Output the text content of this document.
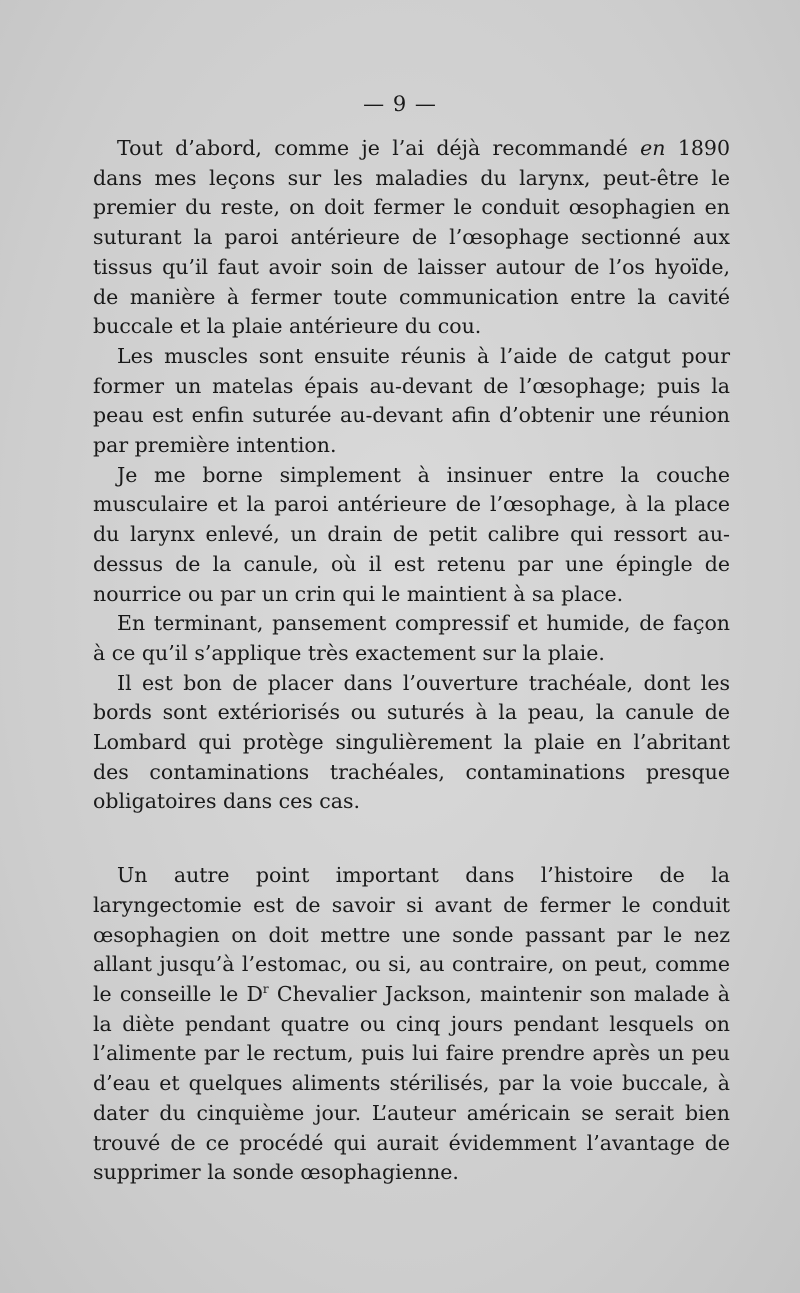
— 9 —

Tout d’abord, comme je l’ai déjà recommandé en 1890 dans mes leçons sur les maladies du larynx, peut-être le premier du reste, on doit fermer le conduit œsophagien en suturant la paroi antérieure de l’œsophage sectionné aux tissus qu’il faut avoir soin de laisser autour de l’os hyoïde, de manière à fermer toute communication entre la cavité buccale et la plaie antérieure du cou.

Les muscles sont ensuite réunis à l’aide de catgut pour former un matelas épais au-devant de l’œsophage; puis la peau est enfin suturée au-devant afin d’obtenir une réunion par première intention.

Je me borne simplement à insinuer entre la couche musculaire et la paroi antérieure de l’œsophage, à la place du larynx enlevé, un drain de petit calibre qui ressort au-dessus de la canule, où il est retenu par une épingle de nourrice ou par un crin qui le maintient à sa place.

En terminant, pansement compressif et humide, de façon à ce qu’il s’applique très exactement sur la plaie.

Il est bon de placer dans l’ouverture trachéale, dont les bords sont extériorisés ou suturés à la peau, la canule de Lombard qui protège singulièrement la plaie en l’abritant des contaminations trachéales, contaminations presque obligatoires dans ces cas.

Un autre point important dans l’histoire de la laryngectomie est de savoir si avant de fermer le conduit œsophagien on doit mettre une sonde passant par le nez allant jusqu’à l’estomac, ou si, au contraire, on peut, comme le conseille le $D^r$ Chevalier Jackson, maintenir son malade à la diète pendant quatre ou cinq jours pendant lesquels on l’alimente par le rectum, puis lui faire prendre après un peu d’eau et quelques aliments stérilisés, par la voie buccale, à dater du cinquième jour. L’auteur américain se serait bien trouvé de ce procédé qui aurait évidemment l’avantage de supprimer la sonde œsophagienne.
